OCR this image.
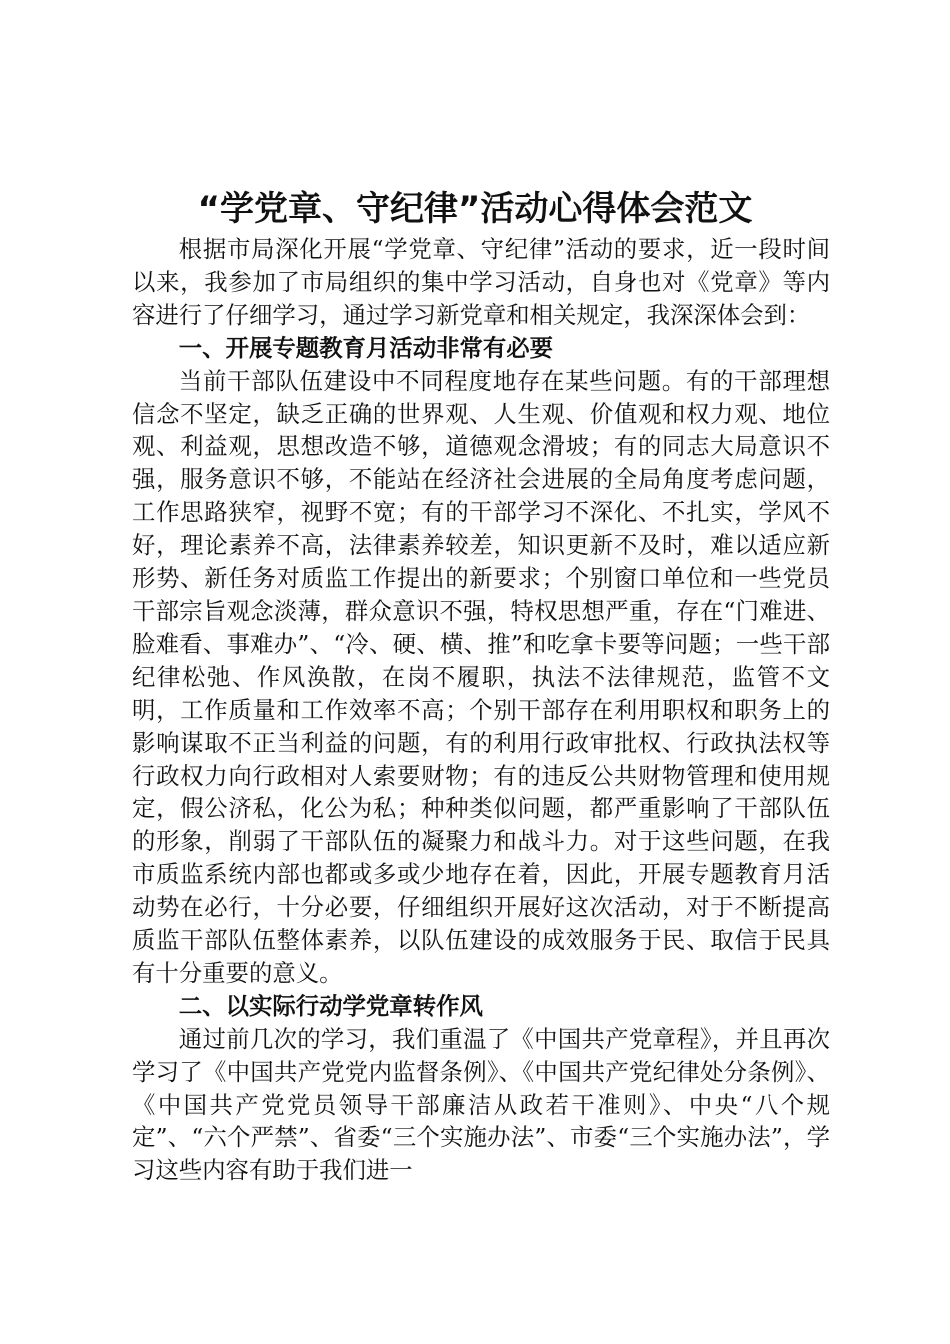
“学党章、守纪律”活动心得体会范文

根据市局深化开展“学党章、守纪律”活动的要求，近一段时间以来，我参加了市局组织的集中学习活动，自身也对《党章》等内容进行了仔细学习，通过学习新党章和相关规定，我深深体会到：

一、开展专题教育月活动非常有必要

当前干部队伍建设中不同程度地存在某些问题。有的干部理想信念不坚定，缺乏正确的世界观、人生观、价值观和权力观、地位观、利益观，思想改造不够，道德观念滑坡；有的同志大局意识不强，服务意识不够，不能站在经济社会进展的全局角度考虑问题，工作思路狭窄，视野不宽；有的干部学习不深化、不扎实，学风不好，理论素养不高，法律素养较差，知识更新不及时，难以适应新形势、新任务对质监工作提出的新要求；个别窗口单位和一些党员干部宗旨观念淡薄，群众意识不强，特权思想严重，存在“门难进、脸难看、事难办”、“冷、硬、横、推”和吃拿卡要等问题；一些干部纪律松弛、作风涣散，在岗不履职，执法不法律规范，监管不文明，工作质量和工作效率不高；个别干部存在利用职权和职务上的影响谋取不正当利益的问题，有的利用行政审批权、行政执法权等行政权力向行政相对人索要财物；有的违反公共财物管理和使用规定，假公济私，化公为私；种种类似问题，都严重影响了干部队伍的形象，削弱了干部队伍的凝聚力和战斗力。对于这些问题，在我市质监系统内部也都或多或少地存在着，因此，开展专题教育月活动势在必行，十分必要，仔细组织开展好这次活动，对于不断提高质监干部队伍整体素养，以队伍建设的成效服务于民、取信于民具有十分重要的意义。

二、以实际行动学党章转作风

通过前几次的学习，我们重温了《中国共产党章程》，并且再次学习了《中国共产党党内监督条例》、《中国共产党纪律处分条例》、《中国共产党党员领导干部廉洁从政若干准则》、中央“八个规定”、“六个严禁”、省委“三个实施办法”、市委“三个实施办法”，学习这些内容有助于我们进一
